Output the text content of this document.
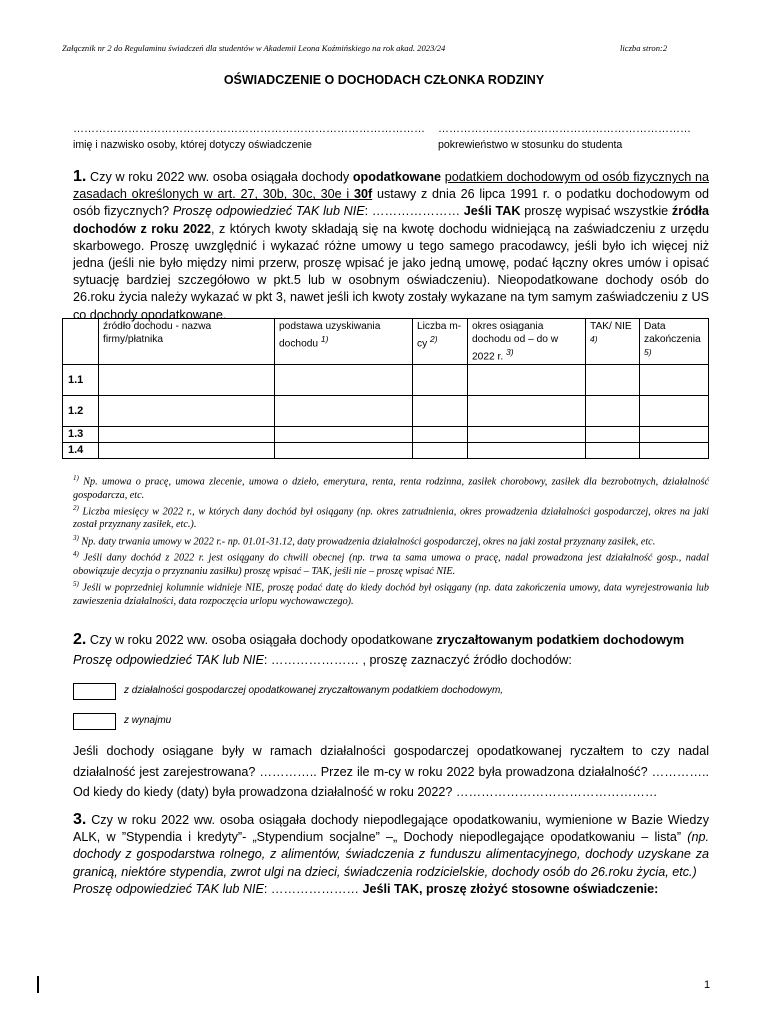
Załącznik nr 2 do Regulaminu świadczeń dla studentów w Akademii Leona Koźmińskiego na rok akad. 2023/24	liczba stron:2
OŚWIADCZENIE O DOCHODACH CZŁONKA RODZINY
……………………………………………………………………………………
imię i nazwisko osoby, której dotyczy oświadczenie
……………………………………………………………
pokrewieństwo w stosunku do studenta
1. Czy w roku 2022 ww. osoba osiągała dochody opodatkowane podatkiem dochodowym od osób fizycznych na zasadach określonych w art. 27, 30b, 30c, 30e i 30f ustawy z dnia 26 lipca 1991 r. o podatku dochodowym od osób fizycznych? Proszę odpowiedzieć TAK lub NIE: ………………… Jeśli TAK proszę wypisać wszystkie źródła dochodów z roku 2022, z których kwoty składają się na kwotę dochodu widniejącą na zaświadczeniu z urzędu skarbowego. Proszę uwzględnić i wykazać różne umowy u tego samego pracodawcy, jeśli było ich więcej niż jedna (jeśli nie było między nimi przerw, proszę wpisać je jako jedną umowę, podać łączny okres umów i opisać sytuację bardziej szczegółowo w pkt.5 lub w osobnym oświadczeniu). Nieopodatkowane dochody osób do 26.roku życia należy wykazać w pkt 3, nawet jeśli ich kwoty zostały wykazane na tym samym zaświadczeniu z US co dochody opodatkowane.
	źródło dochodu - nazwa firmy/płatnika	podstawa uzyskiwania dochodu $^{1)}$	Liczba m-cy $^{2)}$	okres osiągania dochodu od – do w 2022 r. $^{3)}$	TAK/ NIE $^{4)}$	Data zakończenia $^{5)}$
1.1						
1.2						
1.3						
1.4						
$^{1)}$ Np. umowa o pracę, umowa zlecenie, umowa o dzieło, emerytura, renta, renta rodzinna, zasiłek chorobowy, zasiłek dla bezrobotnych, działalność gospodarcza, etc.
$^{2)}$ Liczba miesięcy w 2022 r., w których dany dochód był osiągany (np. okres zatrudnienia, okres prowadzenia działalności gospodarczej, okres na jaki został przyznany zasiłek, etc.).
$^{3)}$ Np. daty trwania umowy w 2022 r.- np. 01.01-31.12, daty prowadzenia działalności gospodarczej, okres na jaki został przyznany zasiłek, etc.
$^{4)}$ Jeśli dany dochód z 2022 r. jest osiągany do chwili obecnej (np. trwa ta sama umowa o pracę, nadal prowadzona jest działalność gosp., nadal obowiązuje decyzja o przyznaniu zasiłku) proszę wpisać – TAK, jeśli nie – proszę wpisać NIE.
$^{5)}$ Jeśli w poprzedniej kolumnie widnieje NIE, proszę podać datę do kiedy dochód był osiągany (np. data zakończenia umowy, data wyrejestrowania lub zawieszenia działalności, data rozpoczęcia urlopu wychowawczego).
2. Czy w roku 2022 ww. osoba osiągała dochody opodatkowane zryczałtowanym podatkiem dochodowym
Proszę odpowiedzieć TAK lub NIE: ………………… , proszę zaznaczyć źródło dochodów:
z działalności gospodarczej opodatkowanej zryczałtowanym podatkiem dochodowym,
z wynajmu
Jeśli dochody osiągane były w ramach działalności gospodarczej opodatkowanej ryczałtem to czy nadal działalność jest zarejestrowana? ………….. Przez ile m-cy w roku 2022 była prowadzona działalność? ………….. Od kiedy do kiedy (daty) była prowadzona działalność w roku 2022? …………………………………………
3. Czy w roku 2022 ww. osoba osiągała dochody niepodlegające opodatkowaniu, wymienione w Bazie Wiedzy ALK, w ”Stypendia i kredyty”- „Stypendium socjalne” –„ Dochody niepodlegające opodatkowaniu – lista” (np. dochody z gospodarstwa rolnego, z alimentów, świadczenia z funduszu alimentacyjnego, dochody uzyskane za granicą, niektóre stypendia, zwrot ulgi na dzieci, świadczenia rodzicielskie, dochody osób do 26.roku życia, etc.)
Proszę odpowiedzieć TAK lub NIE: ………………… Jeśli TAK, proszę złożyć stosowne oświadczenie:
1
